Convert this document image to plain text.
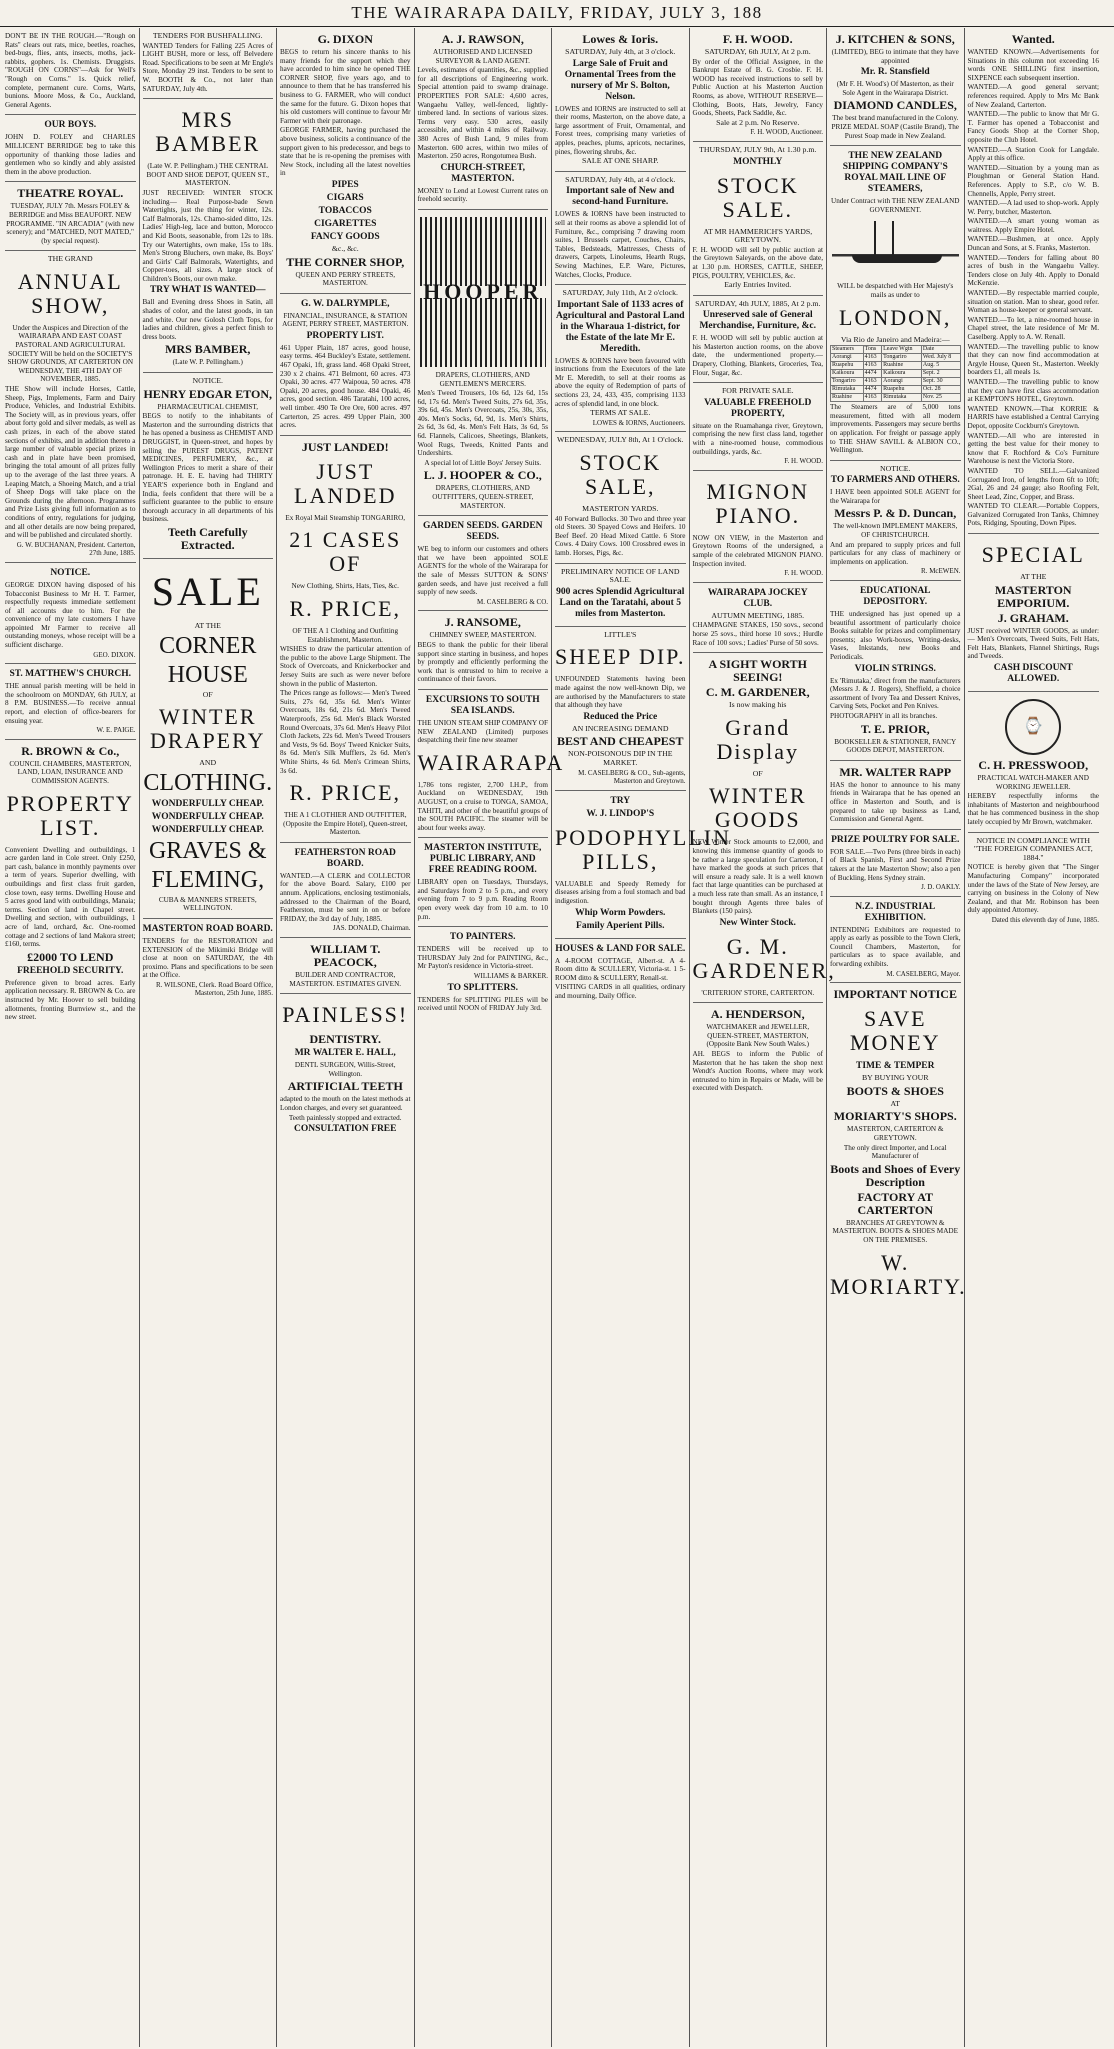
THE WAIRARAPA DAILY, FRIDAY, JULY 3, 188
DON'T BE IN THE ROUGH.—"Rough on Rats" clears out rats, mice, beetles, roaches, bed-bugs, flies, ants, insects, moths, jack-rabbits, gophers. 1s. Chemists. Druggists. "ROUGH ON CORNS"—Ask for Well's "Rough on Corns." 1s. Quick relief, complete, permanent cure. Corns, Warts, bunions. Moore Moss, & Co., Auckland, General Agents.
OUR BOYS.
JOHN D. FOLEY and CHARLES MILLICENT BERRIDGE beg to take this opportunity of thanking those ladies and gentlemen who so kindly and ably assisted them in the above production.
THEATRE ROYAL.
TUESDAY, JULY 7th. Messrs FOLEY & BERRIDGE and Miss BEAUFORT. NEW PROGRAMME. "IN ARCADIA" (with new scenery); and "MATCHED, NOT MATED," (by special request).
THE GRAND
ANNUAL SHOW,
Under the Auspices and Direction of the WAIRARAPA AND EAST COAST PASTORAL AND AGRICULTURAL SOCIETY Will be held on the SOCIETY'S SHOW GROUNDS, AT CARTERTON ON WEDNESDAY, THE 4TH DAY OF NOVEMBER, 1885.
THE Show will include Horses, Cattle, Sheep, Pigs, Implements, Farm and Dairy Produce, Vehicles, and Industrial Exhibits. The Society will, as in previous years, offer about forty gold and silver medals, as well as cash prizes, in each of the above stated sections of exhibits, and in addition thereto a large number of valuable special prizes in cash and in plate have been promised, bringing the total amount of all prizes fully up to the average of the last three years. A Leaping Match, a Shoeing Match, and a trial of Sheep Dogs will take place on the Grounds during the afternoon. Programmes and Prize Lists giving full information as to conditions of entry, regulations for judging, and all other details are now being prepared, and will be published and circulated shortly.
G. W. BUCHANAN, President. Carterton, 27th June, 1885.
NOTICE.
GEORGE DIXON having disposed of his Tobacconist Business to Mr H. T. Farmer, respectfully requests immediate settlement of all accounts due to him. For the convenience of my late customers I have appointed Mr Farmer to receive all outstanding moneys, whose receipt will be a sufficient discharge.
GEO. DIXON.
ST. MATTHEW'S CHURCH.
THE annual parish meeting will be held in the schoolroom on MONDAY, 6th JULY, at 8 P.M. BUSINESS.—To receive annual report, and election of office-bearers for ensuing year.
W. E. PAIGE.
R. BROWN & Co.,
COUNCIL CHAMBERS, MASTERTON, LAND, LOAN, INSURANCE AND COMMISSION AGENTS.
PROPERTY LIST.
Convenient Dwelling and outbuildings, 1 acre garden land in Cole street. Only £250, part cash, balance in monthly payments over a term of years. Superior dwelling, with outbuildings and first class fruit garden, close town, easy terms. Dwelling House and 5 acres good land with outbuildings, Manaia; terms. Section of land in Chapel street. Dwelling and section, with outbuildings, 1 acre of land, orchard, &c. One-roomed cottage and 2 sections of land Makora street; £160, terms.
£2000 TO LEND
FREEHOLD SECURITY.
Preference given to broad acres. Early application necessary. R. BROWN & Co. are instructed by Mr. Hoover to sell building allotments, fronting Burnview st., and the new street.
TENDERS FOR BUSHFALLING.
WANTED Tenders for Falling 225 Acres of LIGHT BUSH, more or less, off Belvedere Road. Specifications to be seen at Mr Engle's Store, Monday 29 inst. Tenders to be sent to W. BOOTH & Co., not later than SATURDAY, July 4th.
MRS BAMBER
(Late W. P. Pellingham.) THE CENTRAL BOOT AND SHOE DEPOT, QUEEN ST., MASTERTON.
JUST RECEIVED: WINTER STOCK including— Real Purpose-bade Sewn Watertights, just the thing for winter, 12s. Calf Balmorals, 12s. Chamo-sided ditto, 12s. Ladies' High-leg, lace and button, Morocco and Kid Boots, seasonable, from 12s to 18s. Try our Watertights, own make, 15s to 18s. Men's Strong Bluchers, own make, 8s. Boys' and Girls' Calf Balmorals, Watertights, and Copper-toes, all sizes. A large stock of Children's Boots, our own make.
TRY WHAT IS WANTED—
Ball and Evening dress Shoes in Satin, all shades of color, and the latest goods, in tan and white. Our new Golosh Cloth Tops, for ladies and children, gives a perfect finish to dress boots.
MRS BAMBER,
(Late W. P. Pellingham.)
NOTICE.
HENRY EDGAR ETON,
PHARMACEUTICAL CHEMIST,
BEGS to notify to the inhabitants of Masterton and the surrounding districts that he has opened a business as CHEMIST AND DRUGGIST, in Queen-street, and hopes by selling the PUREST DRUGS, PATENT MEDICINES, PERFUMERY, &c., at Wellington Prices to merit a share of their patronage. H. E. E. having had THIRTY YEAR'S experience both in England and India, feels confident that there will be a sufficient guarantee to the public to ensure thorough accuracy in all departments of his business.
Teeth Carefully Extracted.
SALE
AT THE
CORNER
HOUSE
OF
WINTER DRAPERY
AND
CLOTHING.
WONDERFULLY CHEAP.
WONDERFULLY CHEAP.
WONDERFULLY CHEAP.
GRAVES &
FLEMING,
CUBA & MANNERS STREETS, WELLINGTON.
MASTERTON ROAD BOARD.
TENDERS for the RESTORATION and EXTENSION of the Mikimiki Bridge will close at noon on SATURDAY, the 4th proximo. Plans and specifications to be seen at the Office.
R. WILSONE, Clerk. Road Board Office, Masterton, 25th June, 1885.
G. DIXON
BEGS to return his sincere thanks to his many friends for the support which they have accorded to him since he opened THE CORNER SHOP, five years ago, and to announce to them that he has transferred his business to G. FARMER, who will conduct the same for the future. G. Dixon hopes that his old customers will continue to favour Mr Farmer with their patronage.
GEORGE FARMER, having purchased the above business, solicits a continuance of the support given to his predecessor, and begs to state that he is re-opening the premises with New Stock, including all the latest novelties in
PIPES
CIGARS
TOBACCOS
CIGARETTES
FANCY GOODS
&c., &c.
THE CORNER SHOP,
QUEEN AND PERRY STREETS, MASTERTON.
G. W. DALRYMPLE,
FINANCIAL, INSURANCE, & STATION AGENT, PERRY STREET, MASTERTON.
PROPERTY LIST.
461 Upper Plain, 187 acres, good house, easy terms. 464 Buckley's Estate, settlement. 467 Opaki, 1ft, grass land. 468 Opaki Street, 230 x 2 chains. 471 Belmont, 60 acres. 473 Opaki, 30 acres. 477 Waipoua, 50 acres. 478 Opaki, 20 acres, good house. 484 Opaki, 46 acres, good section. 486 Taratahi, 100 acres, well timber. 490 Te Ore Ore, 600 acres. 497 Carterton, 25 acres. 499 Upper Plain, 300 acres.
JUST LANDED!
JUST LANDED
Ex Royal Mail Steamship TONGARIRO,
21 CASES OF
New Clothing, Shirts, Hats, Ties, &c.
R. PRICE,
OF THE A 1 Clothing and Outfitting Establishment, Masterton.
WISHES to draw the particular attention of the public to the above Large Shipment. The Stock of Overcoats, and Knickerbocker and Jersey Suits are such as were never before shown in the public of Masterton.
The Prices range as follows:— Men's Tweed Suits, 27s 6d, 35s 6d. Men's Winter Overcoats, 18s 6d, 21s 6d. Men's Tweed Waterproofs, 25s 6d. Men's Black Worsted Round Overcoats, 37s 6d. Men's Heavy Pilot Cloth Jackets, 22s 6d. Men's Tweed Trousers and Vests, 9s 6d. Boys' Tweed Knicker Suits, 8s 6d. Men's Silk Mufflers, 2s 6d. Men's White Shirts, 4s 6d. Men's Crimean Shirts, 3s 6d.
R. PRICE,
THE A 1 CLOTHIER AND OUTFITTER, (Opposite the Empire Hotel), Queen-street, Masterton.
FEATHERSTON ROAD BOARD.
WANTED.—A CLERK and COLLECTOR for the above Board. Salary, £100 per annum. Applications, enclosing testimonials, addressed to the Chairman of the Board, Featherston, must be sent in on or before FRIDAY, the 3rd day of July, 1885.
JAS. DONALD, Chairman.
WILLIAM T. PEACOCK,
BUILDER AND CONTRACTOR, MASTERTON. ESTIMATES GIVEN.
PAINLESS!
DENTISTRY.
MR WALTER E. HALL,
DENTL SURGEON, Willis-Street, Wellington.
ARTIFICIAL TEETH
adapted to the mouth on the latest methods at London charges, and every set guaranteed.
Teeth painlessly stopped and extracted.
CONSULTATION FREE
A. J. RAWSON,
AUTHORISED AND LICENSED SURVEYOR & LAND AGENT.
Levels, estimates of quantities, &c., supplied for all descriptions of Engineering work. Special attention paid to swamp drainage. PROPERTIES FOR SALE: 4,600 acres, Wangaehu Valley, well-fenced, lightly-timbered land. In sections of various sizes. Terms very easy. 530 acres, easily accessible, and within 4 miles of Railway. 380 Acres of Bush Land, 9 miles from Masterton. 600 acres, within two miles of Masterton. 250 acres, Rongotumea Bush.
CHURCH-STREET, MASTERTON.
MONEY to Lend at Lowest Current rates on freehold security.
HOOPER
DRAPERS, CLOTHIERS, AND GENTLEMEN'S MERCERS.
Men's Tweed Trousers, 10s 6d, 12s 6d, 15s 6d, 17s 6d. Men's Tweed Suits, 27s 6d, 35s, 39s 6d, 45s. Men's Overcoats, 25s, 30s, 35s, 40s. Men's Socks, 6d, 9d, 1s. Men's Shirts, 2s 6d, 3s 6d, 4s. Men's Felt Hats, 3s 6d, 5s 6d. Flannels, Calicoes, Sheetings, Blankets, Wool Rugs, Tweeds, Knitted Pants and Undershirts.
A special lot of Little Boys' Jersey Suits.
L. J. HOOPER & CO.,
DRAPERS, CLOTHIERS, AND OUTFITTERS, QUEEN-STREET, MASTERTON.
GARDEN SEEDS. GARDEN SEEDS.
WE beg to inform our customers and others that we have been appointed SOLE AGENTS for the whole of the Wairarapa for the sale of Messrs SUTTON & SONS' garden seeds, and have just received a full supply of new seeds.
M. CASELBERG & CO.
J. RANSOME,
CHIMNEY SWEEP, MASTERTON.
BEGS to thank the public for their liberal support since starting in business, and hopes by promptly and efficiently performing the work that is entrusted to him to receive a continuance of their favors.
EXCURSIONS TO SOUTH SEA ISLANDS.
THE UNION STEAM SHIP COMPANY OF NEW ZEALAND (Limited) purposes despatching their fine new steamer
WAIRARAPA
1,786 tons register, 2,700 I.H.P., from Auckland on WEDNESDAY, 19th AUGUST, on a cruise to TONGA, SAMOA, TAHITI, and other of the beautiful groups of the SOUTH PACIFIC. The steamer will be about four weeks away.
MASTERTON INSTITUTE, PUBLIC LIBRARY, AND FREE READING ROOM.
LIBRARY open on Tuesdays, Thursdays, and Saturdays from 2 to 5 p.m., and every evening from 7 to 9 p.m. Reading Room open every week day from 10 a.m. to 10 p.m.
TO PAINTERS.
TENDERS will be received up to THURSDAY July 2nd for PAINTING, &c., Mr Payton's residence in Victoria-street.
WILLIAMS & BARKER.
TO SPLITTERS.
TENDERS for SPLITTING PILES will be received until NOON of FRIDAY July 3rd.
Lowes & Ioris.
SATURDAY, July 4th, at 3 o'clock.
Large Sale of Fruit and Ornamental Trees from the nursery of Mr S. Bolton, Nelson.
LOWES and IORNS are instructed to sell at their rooms, Masterton, on the above date, a large assortment of Fruit, Ornamental, and Forest trees, comprising many varieties of apples, peaches, plums, apricots, nectarines, pines, flowering shrubs, &c.
SALE AT ONE SHARP.
SATURDAY, July 4th, at 4 o'clock.
Important sale of New and second-hand Furniture.
LOWES & IORNS have been instructed to sell at their rooms as above a splendid lot of Furniture, &c., comprising 7 drawing room suites, 1 Brussels carpet, Couches, Chairs, Tables, Bedsteads, Mattresses, Chests of drawers, Carpets, Linoleums, Hearth Rugs, Sewing Machines, E.P. Ware, Pictures, Watches, Clocks, Produce.
SATURDAY, July 11th, At 2 o'clock.
Important Sale of 1133 acres of Agricultural and Pastoral Land in the Wharaua 1-district, for the Estate of the late Mr E. Meredith.
LOWES & IORNS have been favoured with instructions from the Executors of the late Mr E. Meredith, to sell at their rooms as above the equity of Redemption of parts of sections 23, 24, 433, 435, comprising 1133 acres of splendid land, in one block.
TERMS AT SALE.
LOWES & IORNS, Auctioneers.
WEDNESDAY, JULY 8th, At 1 O'clock.
STOCK SALE,
MASTERTON YARDS.
40 Forward Bullocks. 30 Two and three year old Steers. 30 Spayed Cows and Heifers. 10 Beef Beef. 20 Head Mixed Cattle. 6 Store Cows. 4 Dairy Cows. 100 Crossbred ewes in lamb. Horses, Pigs, &c.
PRELIMINARY NOTICE OF LAND SALE.
900 acres Splendid Agricultural Land on the Taratahi, about 5 miles from Masterton.
LITTLE'S
SHEEP DIP.
UNFOUNDED Statements having been made against the now well-known Dip, we are authorised by the Manufacturers to state that although they have
Reduced the Price
AN INCREASING DEMAND
BEST AND CHEAPEST
NON-POISONOUS DIP IN THE MARKET.
M. CASELBERG & CO., Sub-agents, Masterton and Greytown.
TRY
W. J. LINDOP'S
PODOPHYLLIN PILLS,
VALUABLE and Speedy Remedy for diseases arising from a foul stomach and bad indigestion.
Whip Worm Powders.
Family Aperient Pills.
HOUSES & LAND FOR SALE.
A 4-ROOM COTTAGE, Albert-st. A 4-Room ditto & SCULLERY, Victoria-st. 1 5-ROOM ditto & SCULLERY, Renall-st.
VISITING CARDS in all qualities, ordinary and mourning, Daily Office.
F. H. WOOD.
SATURDAY, 6th JULY, At 2 p.m.
By order of the Official Assignee, in the Bankrupt Estate of B. G. Crosbie. F. H. WOOD has received instructions to sell by Public Auction at his Masterton Auction Rooms, as above, WITHOUT RESERVE— Clothing, Boots, Hats, Jewelry, Fancy Goods, Sheets, Pack Saddle, &c.
Sale at 2 p.m. No Reserve.
F. H. WOOD, Auctioneer.
THURSDAY, JULY 9th, At 1.30 p.m.
MONTHLY
STOCK SALE.
AT MR HAMMERICH'S YARDS, GREYTOWN.
F. H. WOOD will sell by public auction at the Greytown Saleyards, on the above date, at 1.30 p.m. HORSES, CATTLE, SHEEP, PIGS, POULTRY, VEHICLES, &c.
Early Entries Invited.
SATURDAY, 4th JULY, 1885, At 2 p.m.
Unreserved sale of General Merchandise, Furniture, &c.
F. H. WOOD will sell by public auction at his Masterton auction rooms, on the above date, the undermentioned property.—Drapery, Clothing, Blankets, Groceries, Tea, Flour, Sugar, &c.
FOR PRIVATE SALE.
VALUABLE FREEHOLD PROPERTY,
situate on the Ruamahanga river, Greytown, comprising the new first class land, together with a nine-roomed house, commodious outbuildings, yards, &c.
F. H. WOOD.
MIGNON PIANO.
NOW ON VIEW, in the Masterton and Greytown Rooms of the undersigned, a sample of the celebrated MIGNON PIANO. Inspection invited.
F. H. WOOD.
WAIRARAPA JOCKEY CLUB.
AUTUMN MEETING, 1885.
CHAMPAGNE STAKES, 150 sovs., second horse 25 sovs., third horse 10 sovs.; Hurdle Race of 100 sovs.; Ladies' Purse of 50 sovs.
A SIGHT WORTH SEEING!
C. M. GARDENER,
Is now making his
Grand Display
OF
WINTER GOODS
NEW Winter Stock amounts to £2,000, and knowing this immense quantity of goods to be rather a large speculation for Carterton, I have marked the goods at such prices that will ensure a ready sale. It is a well known fact that large quantities can be purchased at a much less rate than small. As an instance, I bought through Agents three bales of Blankets (150 pairs).
New Winter Stock.
G. M. GARDENER,
'CRITERION' STORE, CARTERTON.
A. HENDERSON,
WATCHMAKER and JEWELLER, QUEEN-STREET, MASTERTON, (Opposite Bank New South Wales.)
AH. BEGS to inform the Public of Masterton that he has taken the shop next Wendt's Auction Rooms, where may work entrusted to him in Repairs or Made, will be executed with Despatch.
J. KITCHEN & SONS,
(LIMITED), BEG to intimate that they have appointed
Mr. R. Stansfield
(Mr F. H. Wood's) Of Masterton, as their Sole Agent in the Wairarapa District.
DIAMOND CANDLES,
The best brand manufactured in the Colony. PRIZE MEDAL SOAP (Castile Brand), The Purest Soap made in New Zealand.
THE NEW ZEALAND SHIPPING COMPANY'S ROYAL MAIL LINE OF STEAMERS,
Under Contract with THE NEW ZEALAND GOVERNMENT.
WILL be despatched with Her Majesty's mails as under to
LONDON,
Via Rio de Janeiro and Madeira:—
Steamers	Tons	Leave Wgtn	Date
Aorangi	4163	Tongariro	Wed. July 8
Ruapehu	4163	Ruahine	Aug. 5
Kaikoura	4474	Kaikoura	Sept. 2
Tongariro	4163	Aorangi	Sept. 30
Rimutaka	4474	Ruapehu	Oct. 28
Ruahine	4163	Rimutaka	Nov. 25
The Steamers are of 5,000 tons measurement, fitted with all modern improvements. Passengers may secure berths on application. For freight or passage apply to THE SHAW SAVILL & ALBION CO., Wellington.
NOTICE.
TO FARMERS AND OTHERS.
I HAVE been appointed SOLE AGENT for the Wairarapa for
Messrs P. & D. Duncan,
The well-known IMPLEMENT MAKERS, OF CHRISTCHURCH.
And am prepared to supply prices and full particulars for any class of machinery or implements on application.
R. McEWEN.
EDUCATIONAL DEPOSITORY.
THE undersigned has just opened up a beautiful assortment of particularly choice Books suitable for prizes and complimentary presents; also Work-boxes, Writing-desks, Vases, Inkstands, new Books and Periodicals.
VIOLIN STRINGS.
Ex 'Rimutaka,' direct from the manufacturers (Messrs J. & J. Rogers), Sheffield, a choice assortment of Ivory Tea and Dessert Knives, Carving Sets, Pocket and Pen Knives.
PHOTOGRAPHY in all its branches.
T. E. PRIOR,
BOOKSELLER & STATIONER, FANCY GOODS DEPOT, MASTERTON.
MR. WALTER RAPP
HAS the honor to announce to his many friends in Wairarapa that he has opened an office in Masterton and South, and is prepared to take up business as Land, Commission and General Agent.
PRIZE POULTRY FOR SALE.
FOR SALE.—Two Pens (three birds in each) of Black Spanish, First and Second Prize takers at the late Masterton Show; also a pen of Buckling, Hens Sydney strain.
J. D. OAKLY.
N.Z. INDUSTRIAL EXHIBITION.
INTENDING Exhibitors are requested to apply as early as possible to the Town Clerk, Council Chambers, Masterton, for particulars as to space available, and forwarding exhibits.
M. CASELBERG, Mayor.
IMPORTANT NOTICE
SAVE MONEY
TIME & TEMPER
BY BUYING YOUR
BOOTS & SHOES
AT
MORIARTY'S SHOPS.
MASTERTON, CARTERTON & GREYTOWN.
The only direct Importer, and Local Manufacturer of
Boots and Shoes of Every Description
FACTORY AT CARTERTON
BRANCHES AT GREYTOWN & MASTERTON. BOOTS & SHOES MADE ON THE PREMISES.
W. MORIARTY.
Wanted.
WANTED KNOWN.—Advertisements for Situations in this column not exceeding 16 words ONE SHILLING first insertion, SIXPENCE each subsequent insertion.
WANTED.—A good general servant; references required. Apply to Mrs Mc Bank of New Zealand, Carterton.
WANTED.—The public to know that Mr G. T. Farmer has opened a Tobacconist and Fancy Goods Shop at the Corner Shop, opposite the Club Hotel.
WANTED.—A Station Cook for Langdale. Apply at this office.
WANTED.—Situation by a young man as Ploughman or General Station Hand. References. Apply to S.P., c/o W. B. Chennells, Apple, Perry street.
WANTED.—A lad used to shop-work. Apply W. Perry, butcher, Masterton.
WANTED.—A smart young woman as waitress. Apply Empire Hotel.
WANTED.—Bushmen, at once. Apply Duncan and Sons, at S. Franks, Masterton.
WANTED.—Tenders for falling about 80 acres of bush in the Wangaehu Valley. Tenders close on July 4th. Apply to Donald McKenzie.
WANTED.—By respectable married couple, situation on station. Man to shear, good refer. Woman as house-keeper or general servant.
WANTED.—To let, a nine-roomed house in Chapel street, the late residence of Mr M. Caselberg. Apply to A. W. Renall.
WANTED.—The travelling public to know that they can now find accommodation at Argyle House, Queen St., Masterton. Weekly boarders £1, all meals 1s.
WANTED.—The travelling public to know that they can have first class accommodation at KEMPTON'S HOTEL, Greytown.
WANTED KNOWN.—That KORRIE & HARRIS have established a Central Carrying Depot, opposite Cockburn's Greytown.
WANTED.—All who are interested in getting the best value for their money to know that F. Rochford & Co's Furniture Warehouse is next the Victoria Store.
WANTED TO SELL.—Galvanized Corrugated Iron, of lengths from 6ft to 10ft; 2Gal, 26 and 24 gauge; also Roofing Felt, Sheet Lead, Zinc, Copper, and Brass.
WANTED TO CLEAR.—Portable Coppers, Galvanized Corrugated Iron Tanks, Chimney Pots, Ridging, Spouting, Down Pipes.
SPECIAL
AT THE
MASTERTON EMPORIUM.
J. GRAHAM.
JUST received WINTER GOODS, as under:— Men's Overcoats, Tweed Suits, Felt Hats, Felt Hats, Blankets, Flannel Shirtings, Rugs and Tweeds.
CASH DISCOUNT ALLOWED.
⌚
C. H. PRESSWOOD,
PRACTICAL WATCH-MAKER AND WORKING JEWELLER.
HEREBY respectfully informs the inhabitants of Masterton and neighbourhood that he has commenced business in the shop lately occupied by Mr Brown, watchmaker.
NOTICE IN COMPLIANCE WITH "THE FOREIGN COMPANIES ACT, 1884."
NOTICE is hereby given that "The Singer Manufacturing Company" incorporated under the laws of the State of New Jersey, are carrying on business in the Colony of New Zealand, and that Mr. Robinson has been duly appointed Attorney.
Dated this eleventh day of June, 1885.
